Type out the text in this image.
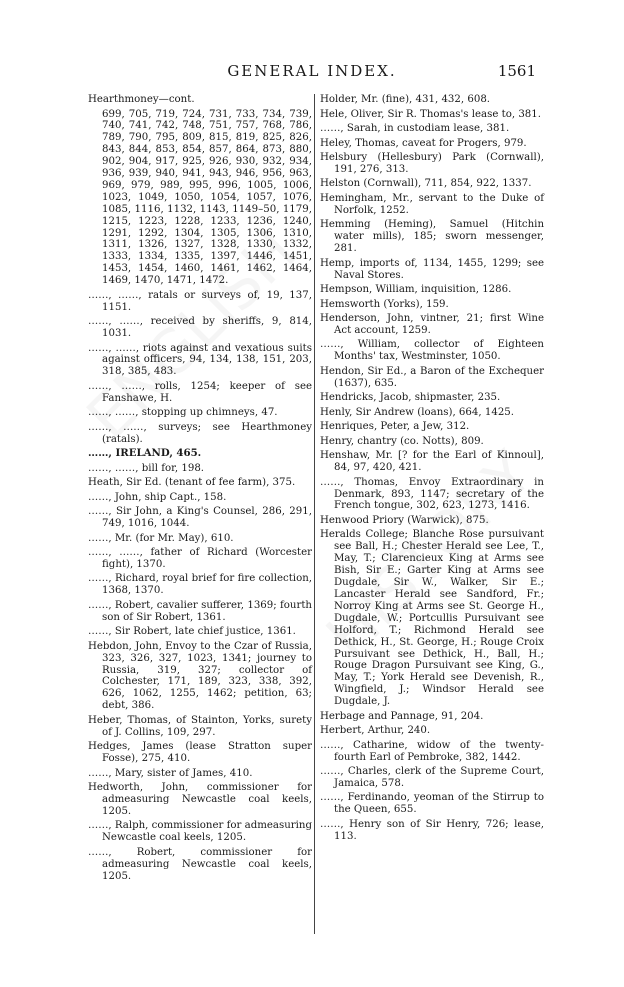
GENERAL INDEX.	1561
Hearthmoney—cont.
699, 705, 719, 724, 731, 733, 734, 739, 740, 741, 742, 748, 751, 757, 768, 786, 789, 790, 795, 809, 815, 819, 825, 826, 843, 844, 853, 854, 857, 864, 873, 880, 902, 904, 917, 925, 926, 930, 932, 934, 936, 939, 940, 941, 943, 946, 956, 963, 969, 979, 989, 995, 996, 1005, 1006, 1023, 1049, 1050, 1054, 1057, 1076, 1085, 1116, 1132, 1143, 1149–50, 1179, 1215, 1223, 1228, 1233, 1236, 1240, 1291, 1292, 1304, 1305, 1306, 1310, 1311, 1326, 1327, 1328, 1330, 1332, 1333, 1334, 1335, 1397, 1446, 1451, 1453, 1454, 1460, 1461, 1462, 1464, 1469, 1470, 1471, 1472.
……, ……, ratals or surveys of, 19, 137, 1151.
……, ……, received by sheriffs, 9, 814, 1031.
……, ……, riots against and vexatious suits against officers, 94, 134, 138, 151, 203, 318, 385, 483.
……, ……, rolls, 1254; keeper of see Fanshawe, H.
……, ……, stopping up chimneys, 47.
……, ……, surveys; see Hearthmoney (ratals).
……, IRELAND, 465.
……, ……, bill for, 198.
Heath, Sir Ed. (tenant of fee farm), 375.
……, John, ship Capt., 158.
……, Sir John, a King's Counsel, 286, 291, 749, 1016, 1044.
……, Mr. (for Mr. May), 610.
……, ……, father of Richard (Worcester fight), 1370.
……, Richard, royal brief for fire collection, 1368, 1370.
……, Robert, cavalier sufferer, 1369; fourth son of Sir Robert, 1361.
……, Sir Robert, late chief justice, 1361.
Hebdon, John, Envoy to the Czar of Russia, 323, 326, 327, 1023, 1341; journey to Russia, 319, 327; collector of Colchester, 171, 189, 323, 338, 392, 626, 1062, 1255, 1462; petition, 63; debt, 386.
Heber, Thomas, of Stainton, Yorks, surety of J. Collins, 109, 297.
Hedges, James (lease Stratton super Fosse), 275, 410.
……, Mary, sister of James, 410.
Hedworth, John, commissioner for admeasuring Newcastle coal keels, 1205.
……, Ralph, commissioner for admeasuring Newcastle coal keels, 1205.
……, Robert, commissioner for admeasuring Newcastle coal keels, 1205.
Holder, Mr. (fine), 431, 432, 608.
Hele, Oliver, Sir R. Thomas's lease to, 381.
……, Sarah, in custodiam lease, 381.
Heley, Thomas, caveat for Progers, 979.
Helsbury (Hellesbury) Park (Cornwall), 191, 276, 313.
Helston (Cornwall), 711, 854, 922, 1337.
Hemingham, Mr., servant to the Duke of Norfolk, 1252.
Hemming (Heming), Samuel (Hitchin water mills), 185; sworn messenger, 281.
Hemp, imports of, 1134, 1455, 1299; see Naval Stores.
Hempson, William, inquisition, 1286.
Hemsworth (Yorks), 159.
Henderson, John, vintner, 21; first Wine Act account, 1259.
……, William, collector of Eighteen Months' tax, Westminster, 1050.
Hendon, Sir Ed., a Baron of the Exchequer (1637), 635.
Hendricks, Jacob, shipmaster, 235.
Henly, Sir Andrew (loans), 664, 1425.
Henriques, Peter, a Jew, 312.
Henry, chantry (co. Notts), 809.
Henshaw, Mr. [? for the Earl of Kinnoul], 84, 97, 420, 421.
……, Thomas, Envoy Extraordinary in Denmark, 893, 1147; secretary of the French tongue, 302, 623, 1273, 1416.
Henwood Priory (Warwick), 875.
Heralds College; Blanche Rose pursuivant see Ball, H.; Chester Herald see Lee, T., May, T.; Clarencieux King at Arms see Bish, Sir E.; Garter King at Arms see Dugdale, Sir W., Walker, Sir E.; Lancaster Herald see Sandford, Fr.; Norroy King at Arms see St. George H., Dugdale, W.; Portcullis Pursuivant see Holford, T.; Richmond Herald see Dethick, H., St. George, H.; Rouge Croix Pursuivant see Dethick, H., Ball, H.; Rouge Dragon Pursuivant see King, G., May, T.; York Herald see Devenish, R., Wingfield, J.; Windsor Herald see Dugdale, J.
Herbage and Pannage, 91, 204.
Herbert, Arthur, 240.
……, Catharine, widow of the twenty-fourth Earl of Pembroke, 382, 1442.
……, Charles, clerk of the Supreme Court, Jamaica, 578.
……, Ferdinando, yeoman of the Stirrup to the Queen, 655.
……, Henry son of Sir Henry, 726; lease, 113.
